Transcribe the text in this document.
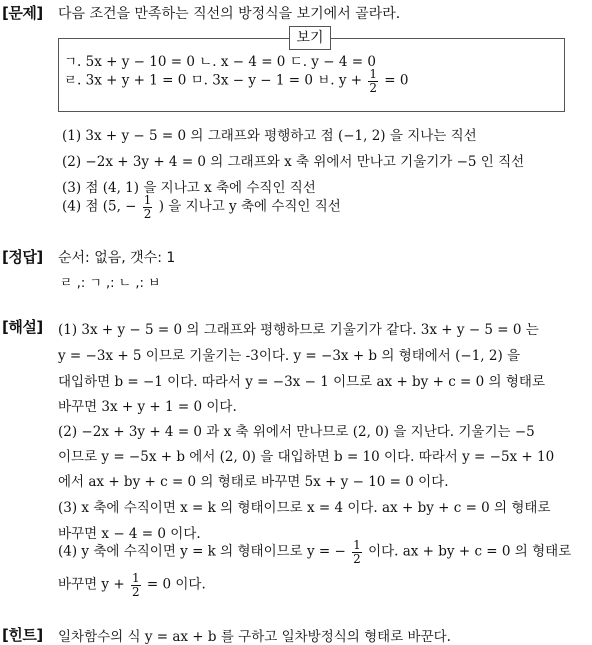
[문제] 다음 조건을 만족하는 직선의 방정식을 보기에서 골라라.
보기
ㄱ. 5x + y − 10 = 0 ㄴ. x − 4 = 0 ㄷ. y − 4 = 0
ㄹ. 3x + y + 1 = 0 ㅁ. 3x − y − 1 = 0 ㅂ. $y + \frac{1}{2} = 0$
(1) 3x + y − 5 = 0 의 그래프와 평행하고 점 (−1, 2) 을 지나는 직선
(2) −2x + 3y + 4 = 0 의 그래프와 x 축 위에서 만나고 기울기가 −5 인 직선
(3) 점 (4, 1) 을 지나고 x 축에 수직인 직선
(4) 점 (5, − $\frac{1}{2}$ ) 을 지나고 y 축에 수직인 직선
[정답] 순서: 없음, 갯수: 1
ㄹ ,: ㄱ ,: ㄴ ,: ㅂ
[해설] (1) 3x + y − 5 = 0 의 그래프와 평행하므로 기울기가 같다. 3x + y − 5 = 0 는
y = −3x + 5 이므로 기울기는 -3이다. y = −3x + b 의 형태에서 (−1, 2) 을
대입하면 b = −1 이다. 따라서 y = −3x − 1 이므로 ax + by + c = 0 의 형태로
바꾸면 3x + y + 1 = 0 이다.
(2) −2x + 3y + 4 = 0 과 x 축 위에서 만나므로 (2, 0) 을 지난다. 기울기는 −5
이므로 y = −5x + b 에서 (2, 0) 을 대입하면 b = 10 이다. 따라서 y = −5x + 10
에서 ax + by + c = 0 의 형태로 바꾸면 5x + y − 10 = 0 이다.
(3) x 축에 수직이면 x = k 의 형태이므로 x = 4 이다. ax + by + c = 0 의 형태로
바꾸면 x − 4 = 0 이다.
(4) y 축에 수직이면 y = k 의 형태이므로 y = − $\frac{1}{2}$ 이다. ax + by + c = 0 의 형태로
바꾸면 $y + \frac{1}{2} = 0$ 이다.
[힌트] 일차함수의 식 y = ax + b 를 구하고 일차방정식의 형태로 바꾼다.
